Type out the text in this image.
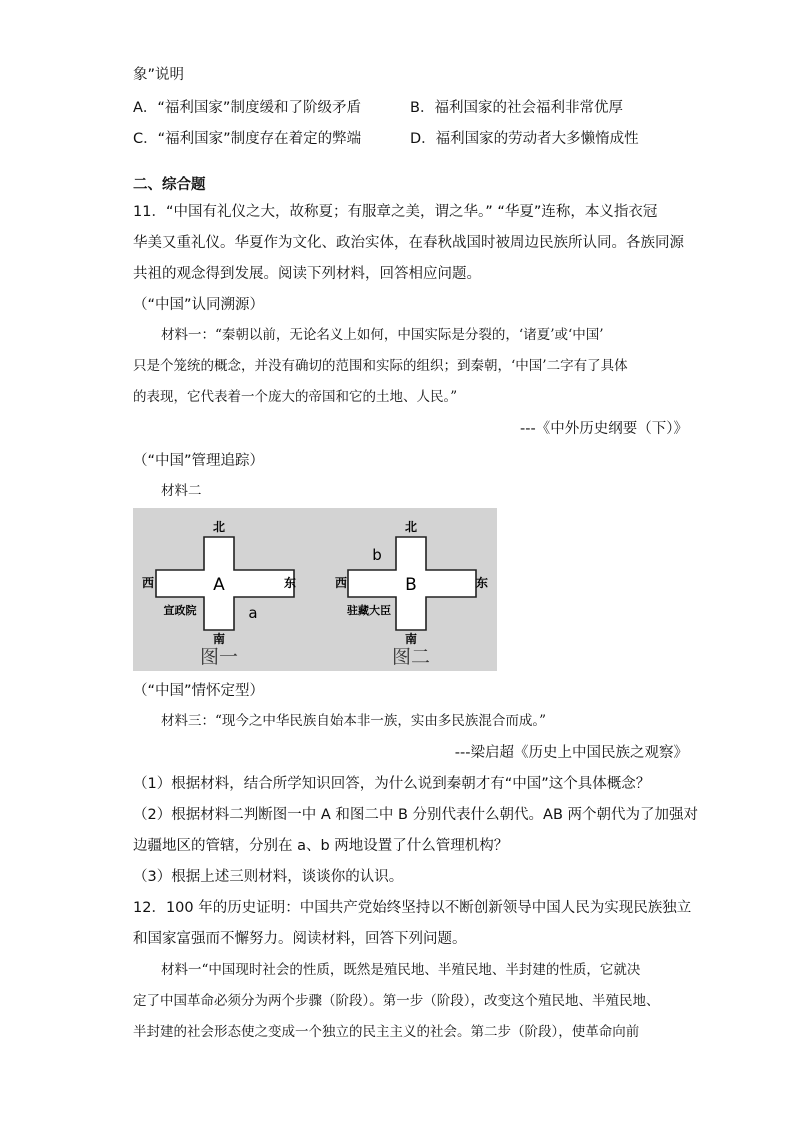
象”说明
A．“福利国家”制度缓和了阶级矛盾	B．福利国家的社会福利非常优厚
C．“福利国家”制度存在着定的弊端	D．福利国家的劳动者大多懒惰成性
二、综合题
11．“中国有礼仪之大，故称夏；有服章之美，谓之华。” “华夏”连称，本义指衣冠
华美又重礼仪。华夏作为文化、政治实体，在春秋战国时被周边民族所认同。各族同源
共祖的观念得到发展。阅读下列材料，回答相应问题。
（“中国”认同溯源）
材料一：“秦朝以前，无论名义上如何，中国实际是分裂的，‘诸夏’或‘中国’
只是个笼统的概念，并没有确切的范围和实际的组织；到秦朝，‘中国’二字有了具体
的表现，它代表着一个庞大的帝国和它的土地、人民。”
---《中外历史纲要（下）》
（“中国”管理追踪）
材料二
北
南
西	东
A
a
宣政院
图一
北
南
西	东
B
b
驻藏大臣
图二
（“中国”情怀定型）
材料三：“现今之中华民族自始本非一族，实由多民族混合而成。”
---梁启超《历史上中国民族之观察》
（1）根据材料，结合所学知识回答，为什么说到秦朝才有“中国”这个具体概念？
（2）根据材料二判断图一中 A 和图二中 B 分别代表什么朝代。AB 两个朝代为了加强对
边疆地区的管辖，分别在 a、b 两地设置了什么管理机构？
（3）根据上述三则材料，谈谈你的认识。
12．100 年的历史证明：中国共产党始终坚持以不断创新领导中国人民为实现民族独立
和国家富强而不懈努力。阅读材料，回答下列问题。
材料一“中国现时社会的性质，既然是殖民地、半殖民地、半封建的性质，它就决
定了中国革命必须分为两个步骤（阶段）。第一步（阶段），改变这个殖民地、半殖民地、
半封建的社会形态使之变成一个独立的民主主义的社会。第二步（阶段），使革命向前
